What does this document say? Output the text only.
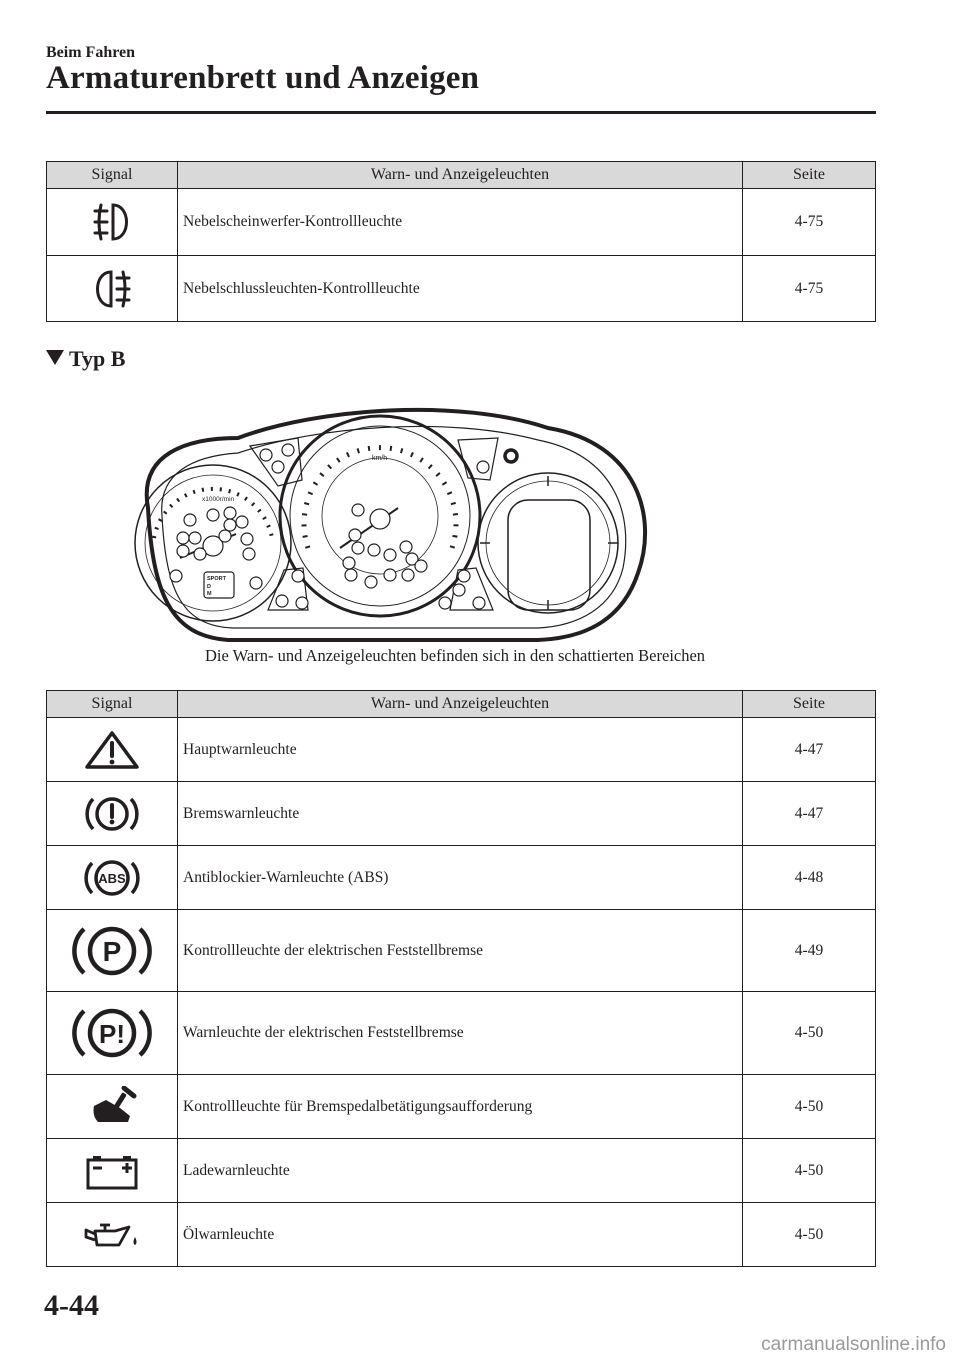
Beim Fahren
Armaturenbrett und Anzeigen
Signal	Warn- und Anzeigeleuchten	Seite

	Nebelscheinwerfer-Kontrollleuchte	4-75

	Nebelschlussleuchten-Kontrollleuchte	4-75
Typ B
x1000r/min
km/h
SPORT
D
M
Die Warn- und Anzeigeleuchten befinden sich in den schattierten Bereichen
Signal	Warn- und Anzeigeleuchten	Seite

	Hauptwarnleuchte	4-47

	Bremswarnleuchte	4-47

ABS	Antiblockier-Warnleuchte (ABS)	4-48

P	Kontrollleuchte der elektrischen Feststellbremse	4-49

P!	Warnleuchte der elektrischen Feststellbremse	4-50

	Kontrollleuchte für Bremspedalbetätigungsaufforderung	4-50

	Ladewarnleuchte	4-50

	Ölwarnleuchte	4-50
4-44
carmanualsonline.info
